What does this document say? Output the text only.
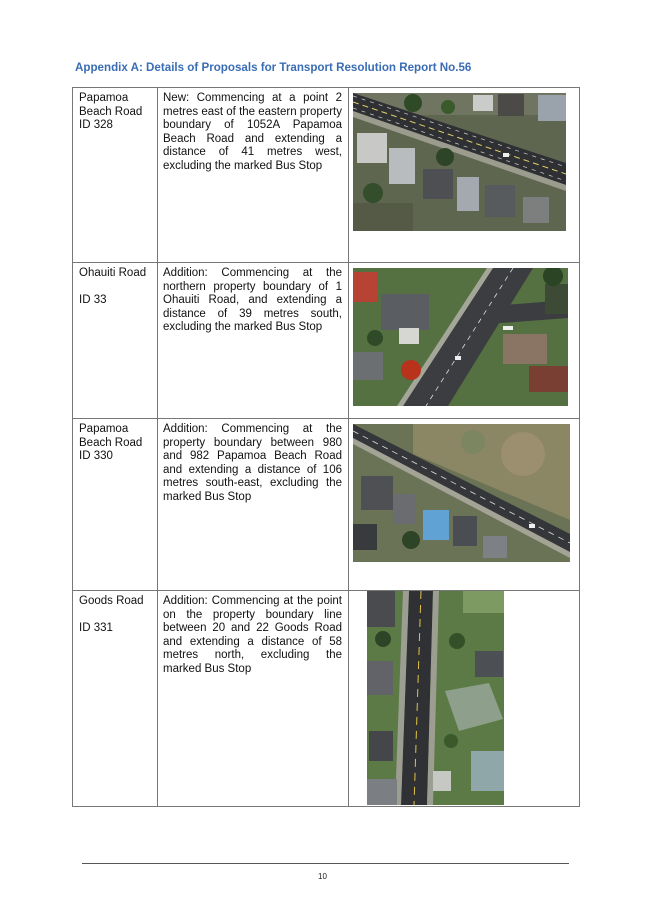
Appendix A: Details of Proposals for Transport Resolution Report No.56
Papamoa Beach Road
ID 328	New: Commencing at a point 2 metres east of the eastern property boundary of 1052A Papamoa Beach Road and extending a distance of 41 metres west, excluding the marked Bus Stop

Ohauiti Road
ID 33	Addition: Commencing at the northern property boundary of 1 Ohauiti Road, and extending a distance of 39 metres south, excluding the marked Bus Stop

Papamoa Beach Road
ID 330	Addition: Commencing at the property boundary between 980 and 982 Papamoa Beach Road and extending a distance of 106 metres south-east, excluding the marked Bus Stop

Goods Road
ID 331	Addition: Commencing at the point on the property boundary line between 20 and 22 Goods Road and extending a distance of 58 metres north, excluding the marked Bus Stop

10
